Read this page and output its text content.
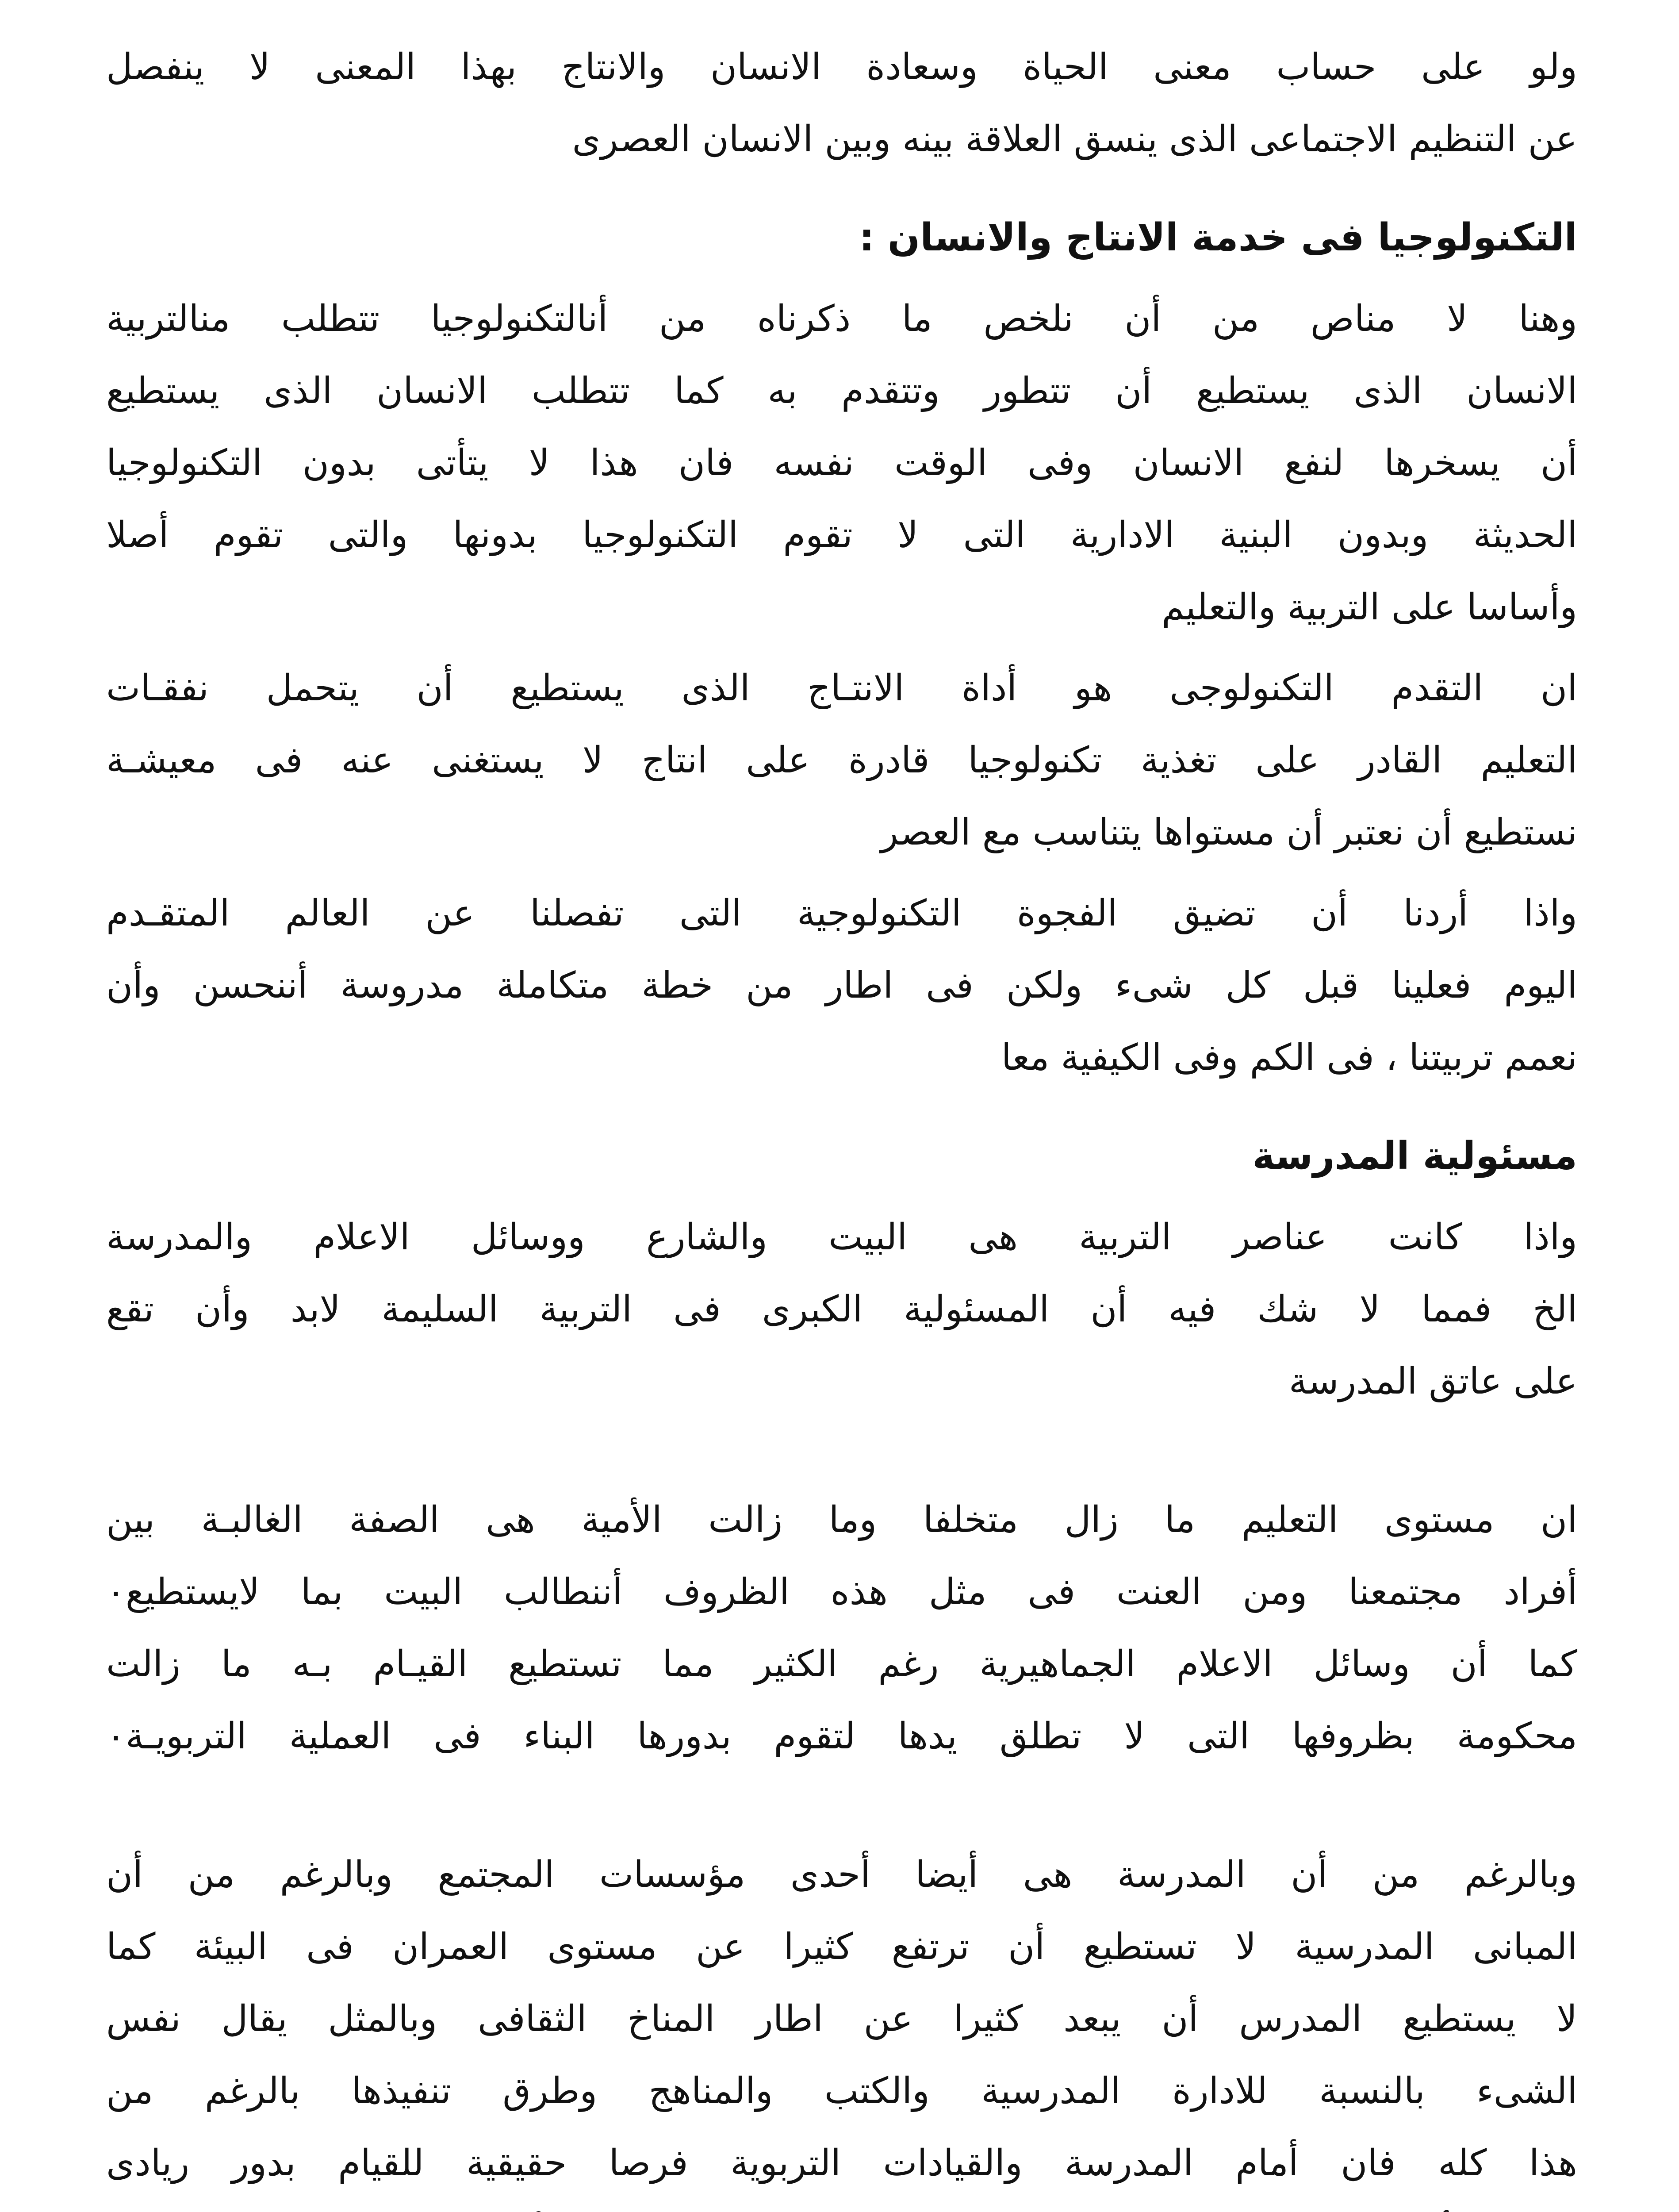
ولو على حساب معنى الحياة وسعادة الانسان والانتاج بهذا المعنى لا ينفصل
عن التنظيم الاجتماعى الذى ينسق العلاقة بينه وبين الانسان العصرى
التكنولوجيا فى خدمة الانتاج والانسان :
وهنا لا مناص من أن نلخص ما ذكرناه من أنالتكنولوجيا تتطلب منالتربية
الانسان الذى يستطيع أن تتطور وتتقدم به كما تتطلب الانسان الذى يستطيع
أن يسخرها لنفع الانسان وفى الوقت نفسه فان هذا لا يتأتى بدون التكنولوجيا
الحديثة وبدون البنية الادارية التى لا تقوم التكنولوجيا بدونها والتى تقوم أصلا
وأساسا على التربية والتعليم
ان التقدم التكنولوجى هو أداة الانتـاج الذى يستطيع أن يتحمل نفقـات
التعليم القادر على تغذية تكنولوجيا قادرة على انتاج لا يستغنى عنه فى معيشـة
نستطيع أن نعتبر أن مستواها يتناسب مع العصر
واذا أردنا أن تضيق الفجوة التكنولوجية التى تفصلنا عن العالم المتقـدم
اليوم فعلينا قبل كل شىء ولكن فى اطار من خطة متكاملة مدروسة أننحسن وأن
نعمم تربيتنا ، فى الكم وفى الكيفية معا
مسئولية المدرسة
واذا كانت عناصر التربية هى البيت والشارع ووسائل الاعلام والمدرسة
الخ فمما لا شك فيه أن المسئولية الكبرى فى التربية السليمة لابد وأن تقع
على عاتق المدرسة
ان مستوى التعليم ما زال متخلفا وما زالت الأمية هى الصفة الغالبـة بين
أفراد مجتمعنا ومن العنت فى مثل هذه الظروف أننطالب البيت بما لايستطيع٠
كما أن وسائل الاعلام الجماهيرية رغم الكثير مما تستطيع القيـام بـه ما زالت
محكومة بظروفها التى لا تطلق يدها لتقوم بدورها البناء فى العملية التربويـة٠
وبالرغم من أن المدرسة هى أيضا أحدى مؤسسات المجتمع وبالرغم من أن
المبانى المدرسية لا تستطيع أن ترتفع كثيرا عن مستوى العمران فى البيئة كما
لا يستطيع المدرس أن يبعد كثيرا عن اطار المناخ الثقافى وبالمثل يقال نفس
الشىء بالنسبة للادارة المدرسية والكتب والمناهج وطرق تنفيذها بالرغم من
هذا كله فان أمام المدرسة والقيادات التربوية فرصا حقيقية للقيام بدور ريادى
